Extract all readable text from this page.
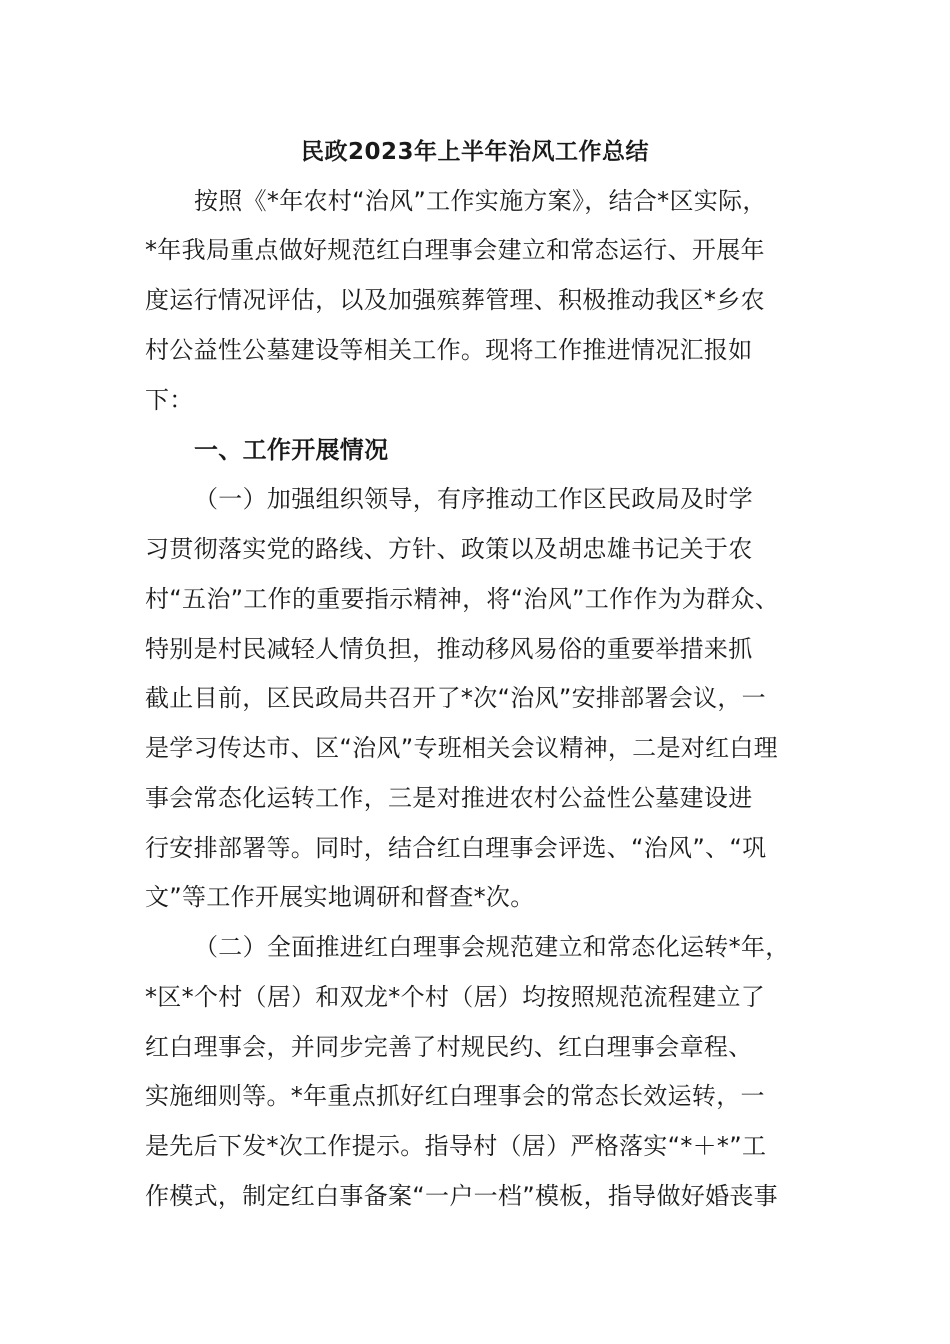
民政2023年上半年治风工作总结
按照《*年农村“治风”工作实施方案》，结合*区实际，
*年我局重点做好规范红白理事会建立和常态运行、开展年
度运行情况评估，以及加强殡葬管理、积极推动我区*乡农
村公益性公墓建设等相关工作。现将工作推进情况汇报如
下：
一、工作开展情况
（一）加强组织领导，有序推动工作区民政局及时学
习贯彻落实党的路线、方针、政策以及胡忠雄书记关于农
村“五治”工作的重要指示精神，将“治风”工作作为为群众、
特别是村民减轻人情负担，推动移风易俗的重要举措来抓
截止目前，区民政局共召开了*次“治风”安排部署会议，一
是学习传达市、区“治风”专班相关会议精神，二是对红白理
事会常态化运转工作，三是对推进农村公益性公墓建设进
行安排部署等。同时，结合红白理事会评选、“治风”、“巩
文”等工作开展实地调研和督查*次。
（二）全面推进红白理事会规范建立和常态化运转*年，
*区*个村（居）和双龙*个村（居）均按照规范流程建立了
红白理事会，并同步完善了村规民约、红白理事会章程、
实施细则等。*年重点抓好红白理事会的常态长效运转，一
是先后下发*次工作提示。指导村（居）严格落实“*＋*”工
作模式，制定红白事备案“一户一档”模板，指导做好婚丧事
